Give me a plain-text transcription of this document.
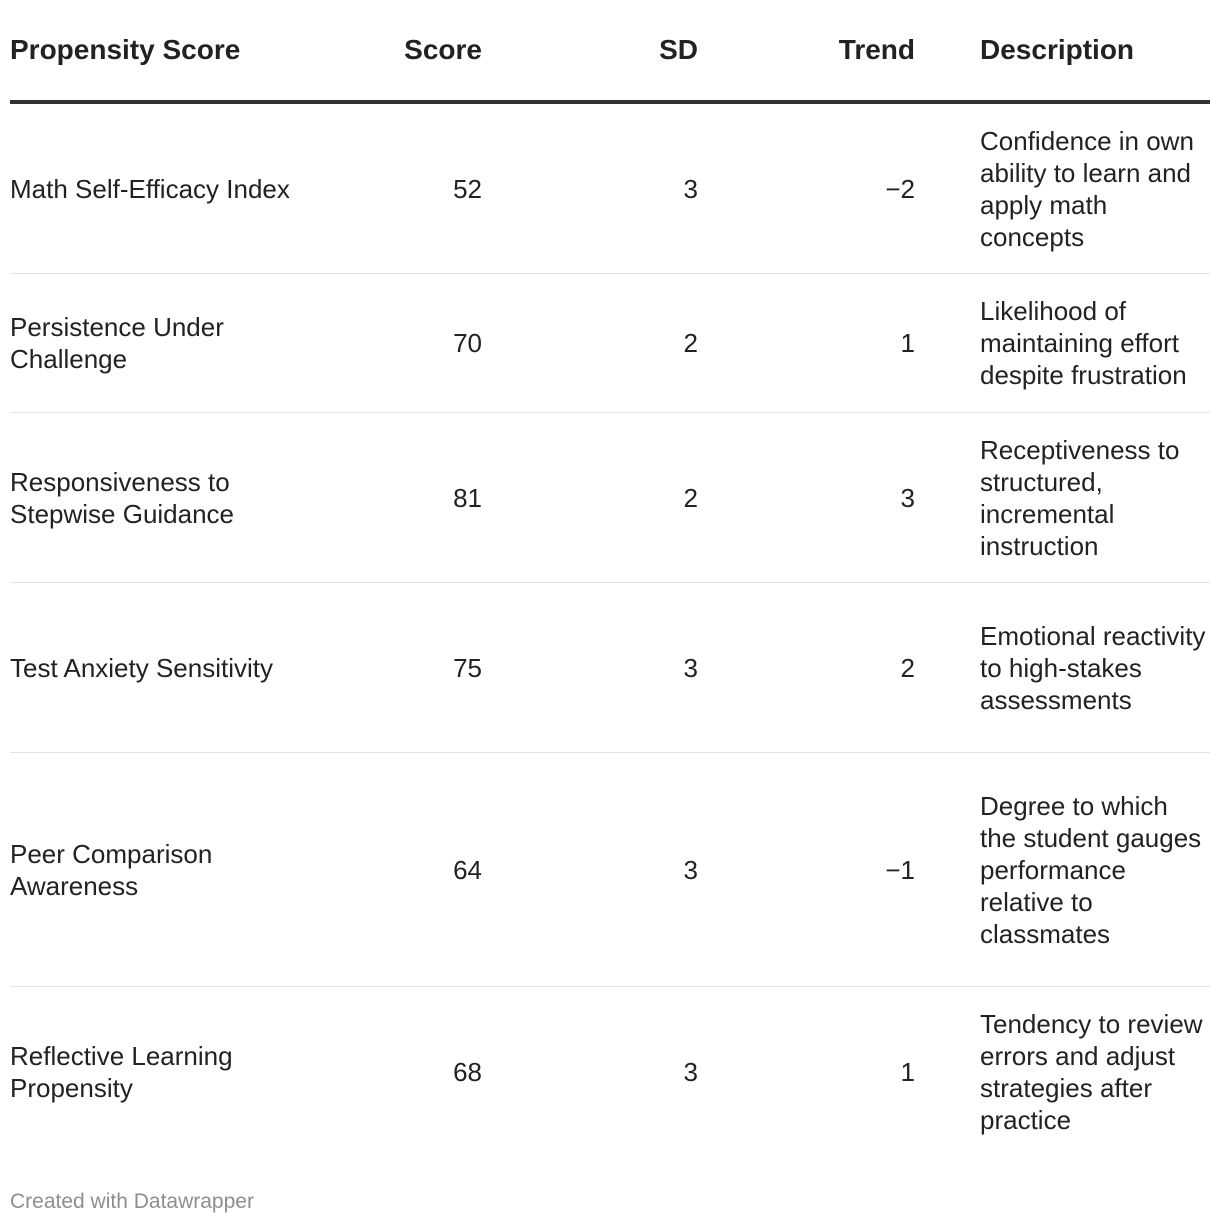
Propensity Score	Score	SD	Trend		Description
Math Self-Efficacy Index	52	3	−2		Confidence in own ability to learn and apply math concepts
Persistence Under Challenge	70	2	1		Likelihood of maintaining effort despite frustration
Responsiveness to Stepwise Guidance	81	2	3		Receptiveness to structured, incremental instruction
Test Anxiety Sensitivity	75	3	2		Emotional reactivity to high-stakes assessments
Peer Comparison Awareness	64	3	−1		Degree to which the student gauges performance relative to classmates
Reflective Learning Propensity	68	3	1		Tendency to review errors and adjust strategies after practice
Created with Datawrapper
